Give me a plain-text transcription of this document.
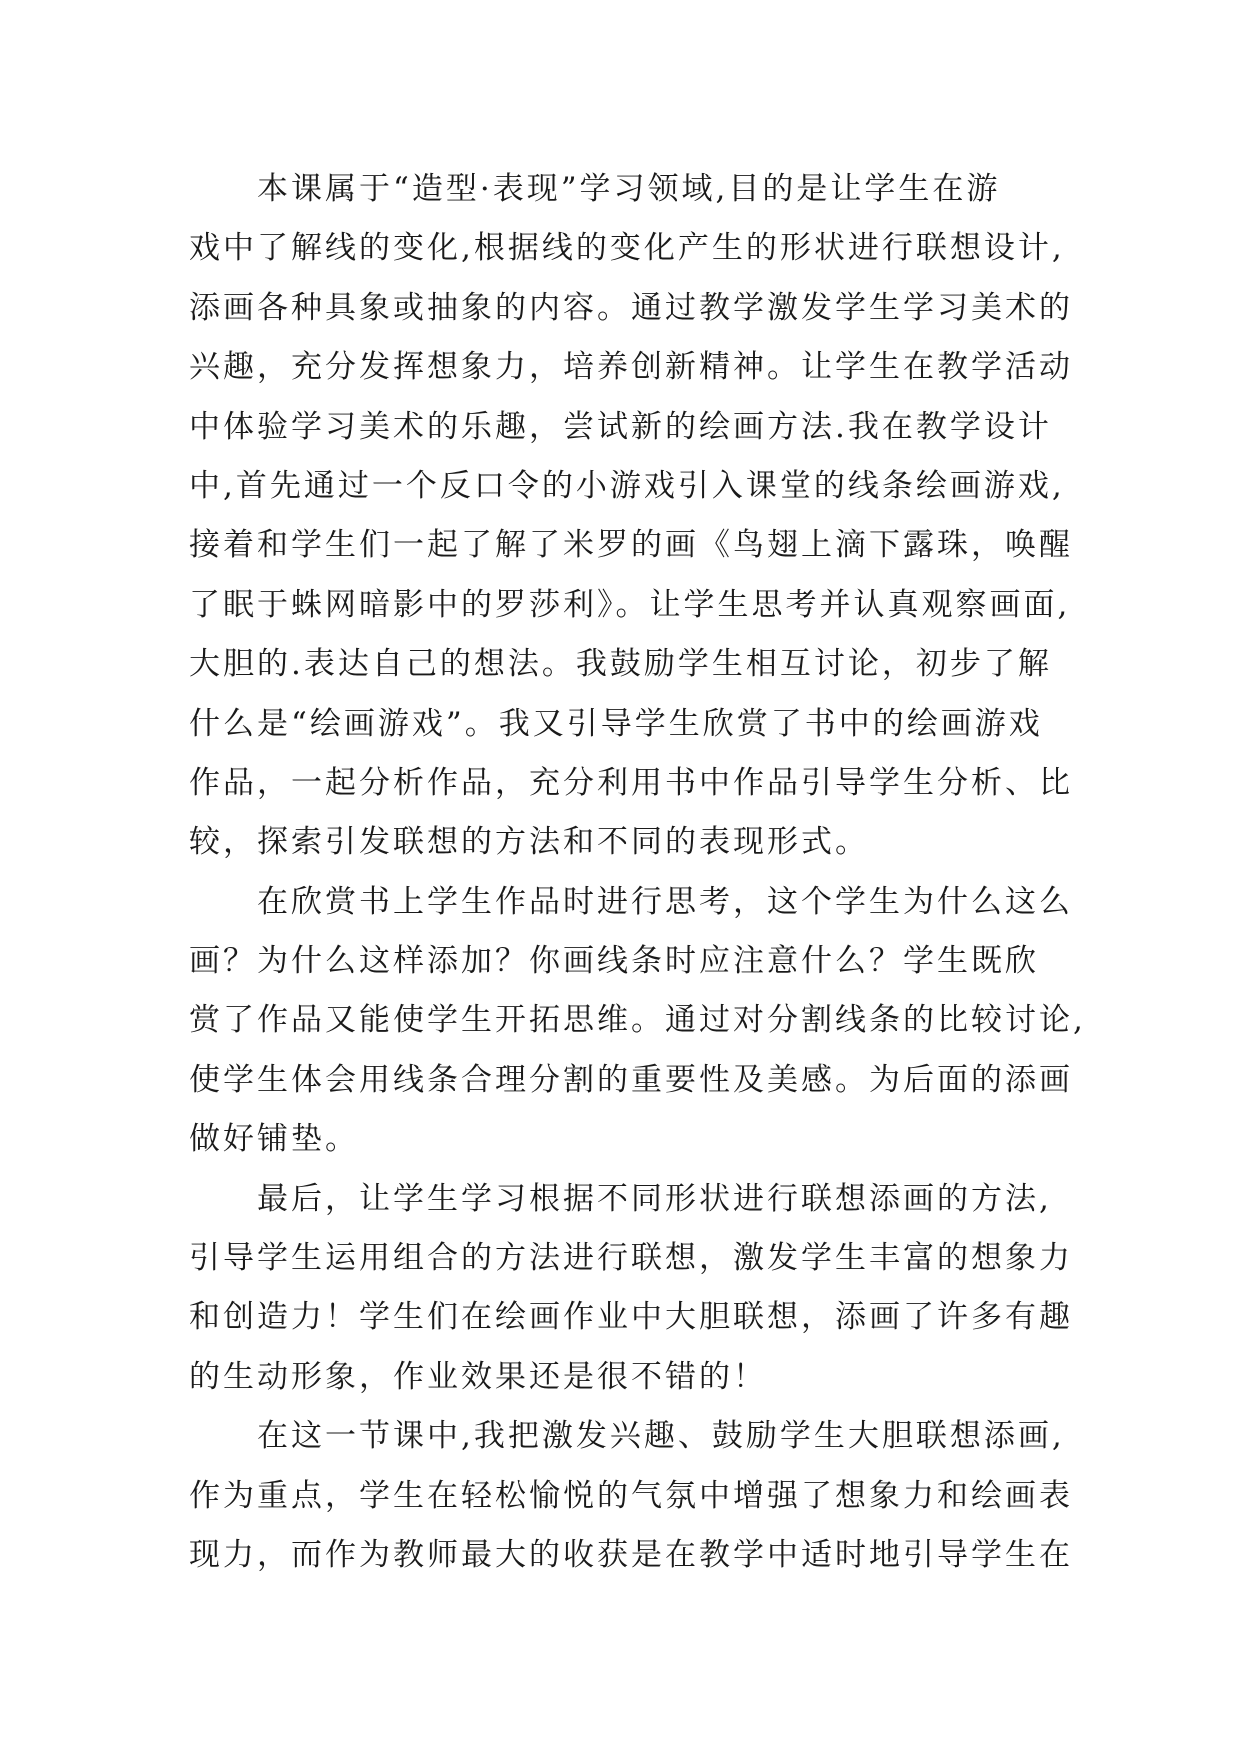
本课属于“造型·表现”学习领域,目的是让学生在游
戏中了解线的变化,根据线的变化产生的形状进行联想设计,
添画各种具象或抽象的内容。通过教学激发学生学习美术的
兴趣，充分发挥想象力，培养创新精神。让学生在教学活动
中体验学习美术的乐趣，尝试新的绘画方法.我在教学设计
中,首先通过一个反口令的小游戏引入课堂的线条绘画游戏,
接着和学生们一起了解了米罗的画《鸟翅上滴下露珠，唤醒
了眠于蛛网暗影中的罗莎利》。让学生思考并认真观察画面,
大胆的.表达自己的想法。我鼓励学生相互讨论，初步了解
什么是“绘画游戏”。我又引导学生欣赏了书中的绘画游戏
作品，一起分析作品，充分利用书中作品引导学生分析、比
较，探索引发联想的方法和不同的表现形式。
在欣赏书上学生作品时进行思考，这个学生为什么这么
画？为什么这样添加？你画线条时应注意什么？学生既欣
赏了作品又能使学生开拓思维。通过对分割线条的比较讨论,
使学生体会用线条合理分割的重要性及美感。为后面的添画
做好铺垫。
最后，让学生学习根据不同形状进行联想添画的方法,
引导学生运用组合的方法进行联想，激发学生丰富的想象力
和创造力！学生们在绘画作业中大胆联想，添画了许多有趣
的生动形象，作业效果还是很不错的！
在这一节课中,我把激发兴趣、鼓励学生大胆联想添画,
作为重点，学生在轻松愉悦的气氛中增强了想象力和绘画表
现力，而作为教师最大的收获是在教学中适时地引导学生在
